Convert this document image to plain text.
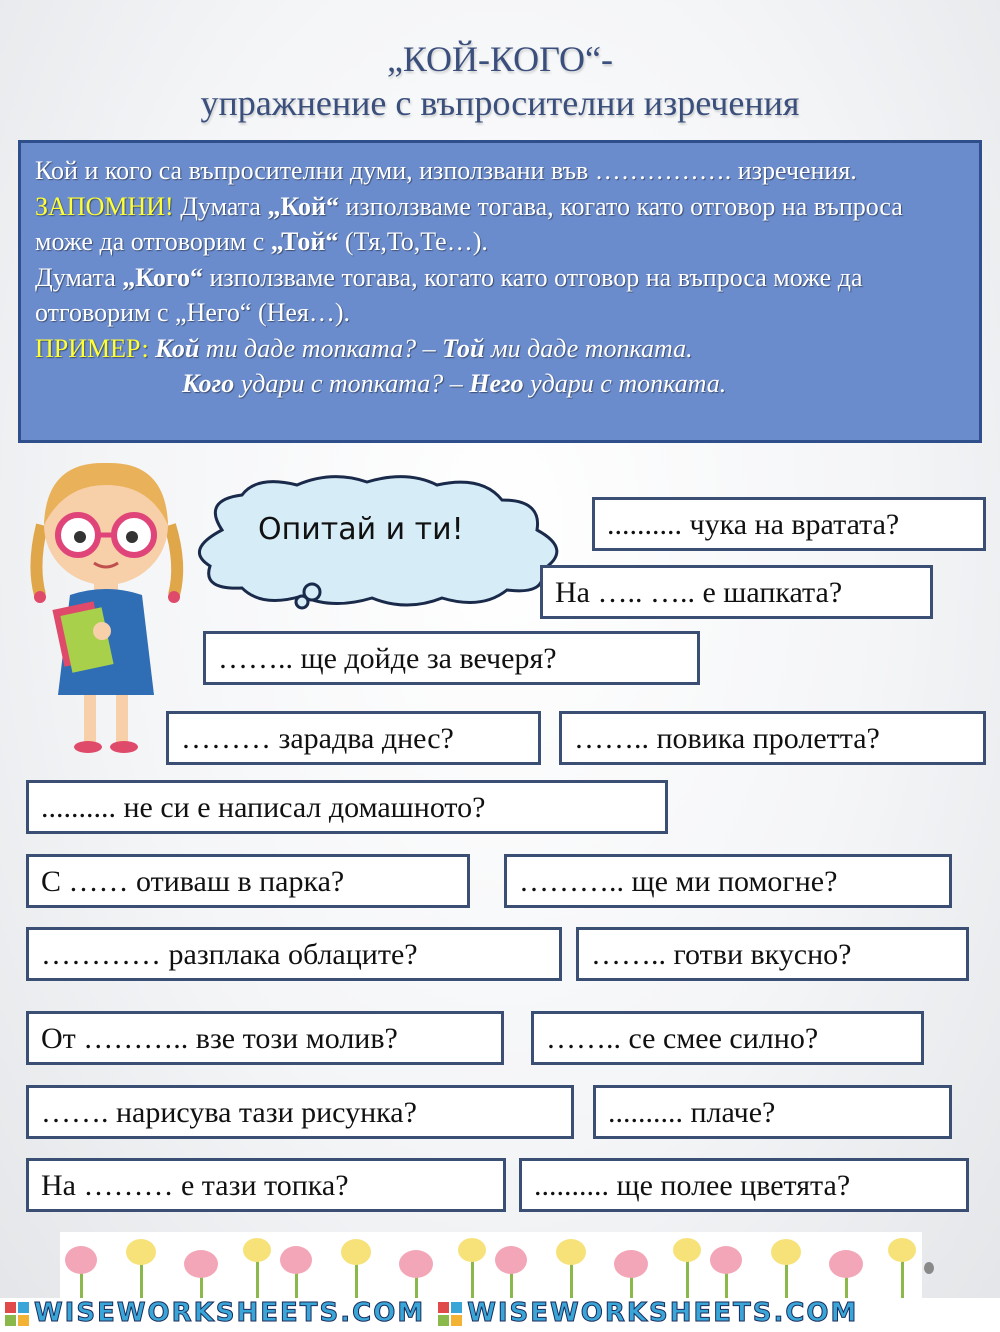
„КОЙ-КОГО“-
упражнение с въпросителни изречения

Кой и кого са въпросителни думи, използвани във ……………. изречения.

ЗАПОМНИ! Думата „Кой“ използваме тогава, когато като отговор на въпроса може да отговорим с „Той“ (Тя,То,Те…).

Думата „Кого“ използваме тогава, когато като отговор на въпроса може да отговорим с „Него“ (Нея…).

ПРИМЕР: Кой ти даде топката? – Той ми даде топката.

Кого удари с топката? – Него удари с топката.

Опитай и ти!	.......... чука на вратата?
На ….. ….. е шапката?
…….. ще дойде за вечеря?
……… зарадва днес?	…….. повика пролетта?
.......... не си е написал домашното?
С …… отиваш в парка?	……….. ще ми помогне?
………… разплака облаците?	…….. готви вкусно?
От ……….. взе този молив?	…….. се смее силно?
……. нарисува тази рисунка?	.......... плаче?
На ……… е тази топка?	.......... ще полее цветята?
WISEWORKSHEETS.COM WISEWORKSHEETS.COM
